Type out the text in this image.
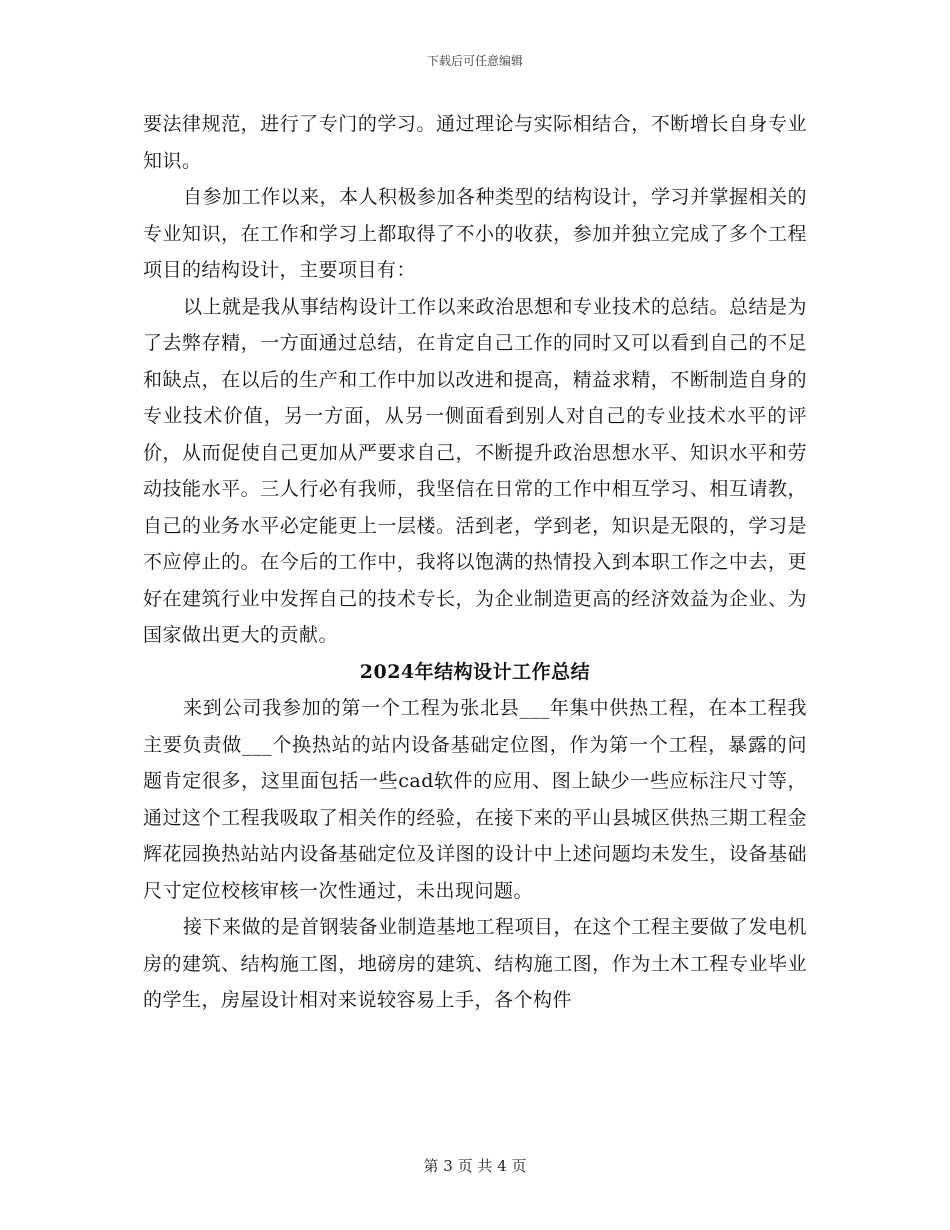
下载后可任意编辑

要法律规范，进行了专门的学习。通过理论与实际相结合，不断增长自身专业知识。

自参加工作以来，本人积极参加各种类型的结构设计，学习并掌握相关的专业知识，在工作和学习上都取得了不小的收获，参加并独立完成了多个工程项目的结构设计，主要项目有：

以上就是我从事结构设计工作以来政治思想和专业技术的总结。总结是为了去弊存精，一方面通过总结，在肯定自己工作的同时又可以看到自己的不足和缺点，在以后的生产和工作中加以改进和提高，精益求精，不断制造自身的专业技术价值，另一方面，从另一侧面看到别人对自己的专业技术水平的评价，从而促使自己更加从严要求自己，不断提升政治思想水平、知识水平和劳动技能水平。三人行必有我师，我坚信在日常的工作中相互学习、相互请教，自己的业务水平必定能更上一层楼。活到老，学到老，知识是无限的，学习是不应停止的。在今后的工作中，我将以饱满的热情投入到本职工作之中去，更好在建筑行业中发挥自己的技术专长，为企业制造更高的经济效益为企业、为国家做出更大的贡献。

2024年结构设计工作总结

来到公司我参加的第一个工程为张北县___年集中供热工程，在本工程我主要负责做___个换热站的站内设备基础定位图，作为第一个工程，暴露的问题肯定很多，这里面包括一些cad软件的应用、图上缺少一些应标注尺寸等，通过这个工程我吸取了相关作的经验，在接下来的平山县城区供热三期工程金辉花园换热站站内设备基础定位及详图的设计中上述问题均未发生，设备基础尺寸定位校核审核一次性通过，未出现问题。

接下来做的是首钢装备业制造基地工程项目，在这个工程主要做了发电机房的建筑、结构施工图，地磅房的建筑、结构施工图，作为土木工程专业毕业的学生，房屋设计相对来说较容易上手，各个构件

第 3 页 共 4 页
